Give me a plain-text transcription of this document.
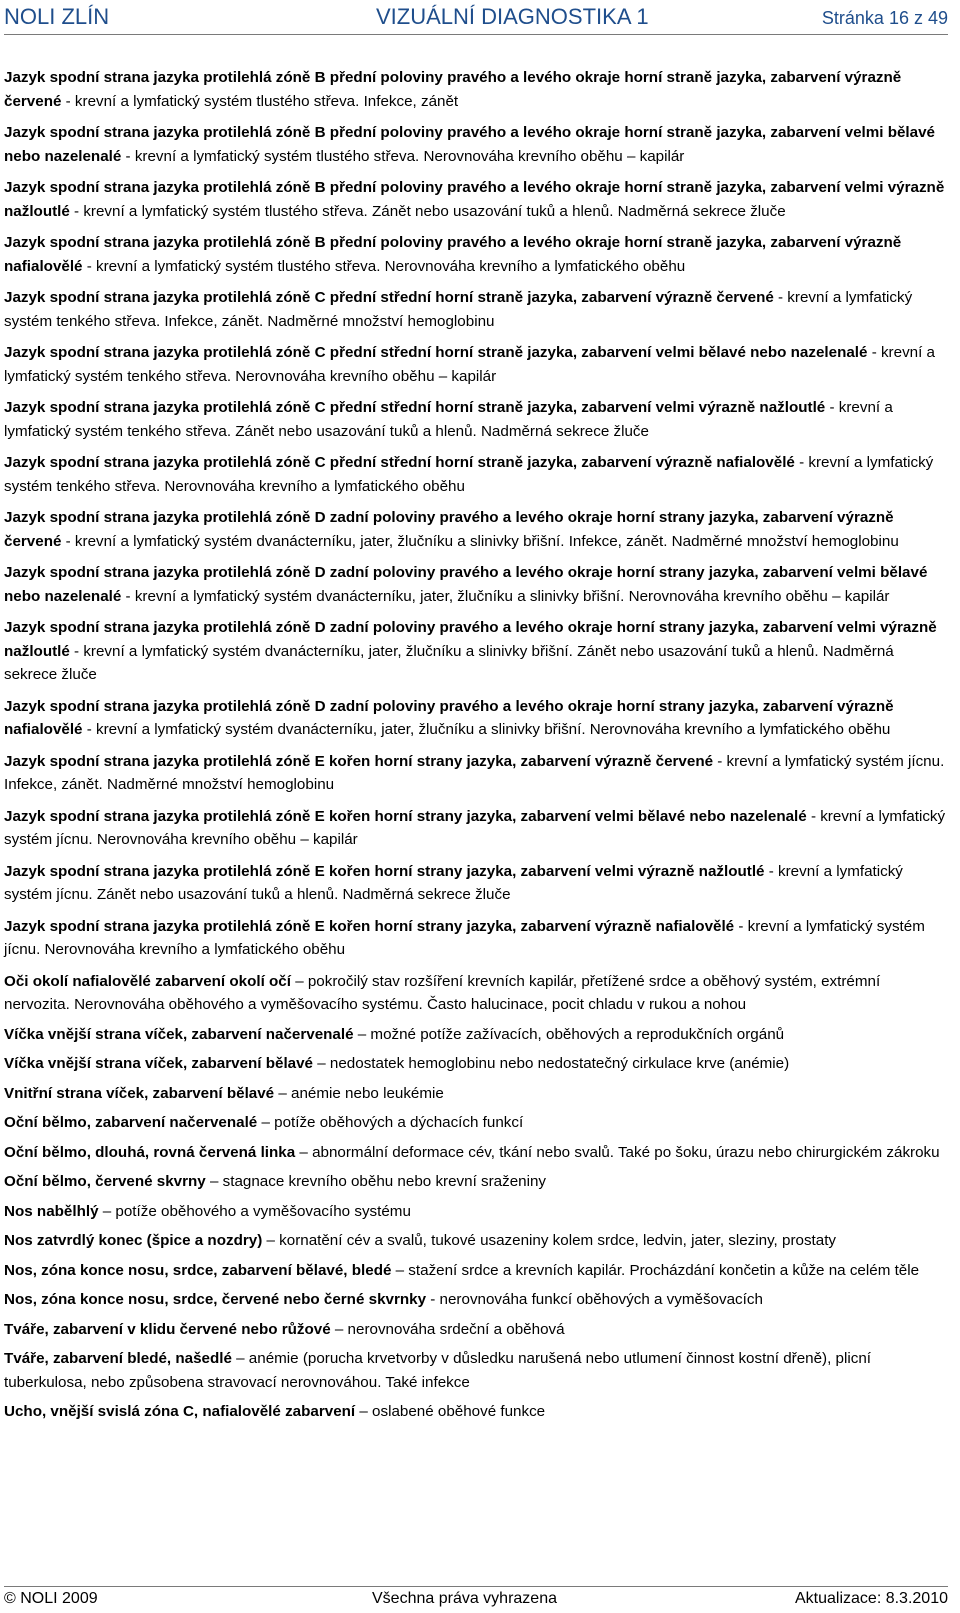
NOLI ZLÍN	VIZUÁLNÍ DIAGNOSTIKA 1	Stránka 16 z 49

Jazyk spodní strana jazyka protilehlá zóně B přední poloviny pravého a levého okraje horní straně jazyka, zabarvení výrazně červené - krevní a lymfatický systém tlustého střeva. Infekce, zánět

Jazyk spodní strana jazyka protilehlá zóně B přední poloviny pravého a levého okraje horní straně jazyka, zabarvení velmi bělavé nebo nazelenalé - krevní a lymfatický systém tlustého střeva. Nerovnováha krevního oběhu – kapilár

Jazyk spodní strana jazyka protilehlá zóně B přední poloviny pravého a levého okraje horní straně jazyka, zabarvení velmi výrazně nažloutlé - krevní a lymfatický systém tlustého střeva. Zánět nebo usazování tuků a hlenů. Nadměrná sekrece žluče

Jazyk spodní strana jazyka protilehlá zóně B přední poloviny pravého a levého okraje horní straně jazyka, zabarvení výrazně nafialovělé - krevní a lymfatický systém tlustého střeva. Nerovnováha krevního a lymfatického oběhu

Jazyk spodní strana jazyka protilehlá zóně C přední střední horní straně jazyka, zabarvení výrazně červené - krevní a lymfatický systém tenkého střeva. Infekce, zánět. Nadměrné množství hemoglobinu

Jazyk spodní strana jazyka protilehlá zóně C přední střední horní straně jazyka, zabarvení velmi bělavé nebo nazelenalé - krevní a lymfatický systém tenkého střeva. Nerovnováha krevního oběhu – kapilár

Jazyk spodní strana jazyka protilehlá zóně C přední střední horní straně jazyka, zabarvení velmi výrazně nažloutlé - krevní a lymfatický systém tenkého střeva. Zánět nebo usazování tuků a hlenů. Nadměrná sekrece žluče

Jazyk spodní strana jazyka protilehlá zóně C přední střední horní straně jazyka, zabarvení výrazně nafialovělé - krevní a lymfatický systém tenkého střeva. Nerovnováha krevního a lymfatického oběhu

Jazyk spodní strana jazyka protilehlá zóně D zadní poloviny pravého a levého okraje horní strany jazyka, zabarvení výrazně červené - krevní a lymfatický systém dvanácterníku, jater, žlučníku a slinivky břišní. Infekce, zánět. Nadměrné množství hemoglobinu

Jazyk spodní strana jazyka protilehlá zóně D zadní poloviny pravého a levého okraje horní strany jazyka, zabarvení velmi bělavé nebo nazelenalé - krevní a lymfatický systém dvanácterníku, jater, žlučníku a slinivky břišní. Nerovnováha krevního oběhu – kapilár

Jazyk spodní strana jazyka protilehlá zóně D zadní poloviny pravého a levého okraje horní strany jazyka, zabarvení velmi výrazně nažloutlé - krevní a lymfatický systém dvanácterníku, jater, žlučníku a slinivky břišní. Zánět nebo usazování tuků a hlenů. Nadměrná sekrece žluče

Jazyk spodní strana jazyka protilehlá zóně D zadní poloviny pravého a levého okraje horní strany jazyka, zabarvení výrazně nafialovělé - krevní a lymfatický systém dvanácterníku, jater, žlučníku a slinivky břišní. Nerovnováha krevního a lymfatického oběhu

Jazyk spodní strana jazyka protilehlá zóně E kořen horní strany jazyka, zabarvení výrazně červené - krevní a lymfatický systém jícnu. Infekce, zánět. Nadměrné množství hemoglobinu

Jazyk spodní strana jazyka protilehlá zóně E kořen horní strany jazyka, zabarvení velmi bělavé nebo nazelenalé - krevní a lymfatický systém jícnu. Nerovnováha krevního oběhu – kapilár

Jazyk spodní strana jazyka protilehlá zóně E kořen horní strany jazyka, zabarvení velmi výrazně nažloutlé - krevní a lymfatický systém jícnu. Zánět nebo usazování tuků a hlenů. Nadměrná sekrece žluče

Jazyk spodní strana jazyka protilehlá zóně E kořen horní strany jazyka, zabarvení výrazně nafialovělé - krevní a lymfatický systém jícnu. Nerovnováha krevního a lymfatického oběhu

Oči okolí nafialovělé zabarvení okolí očí – pokročilý stav rozšíření krevních kapilár, přetížené srdce a oběhový systém, extrémní nervozita. Nerovnováha oběhového a vyměšovacího systému. Často halucinace, pocit chladu v rukou a nohou

Víčka vnější strana víček, zabarvení načervenalé – možné potíže zažívacích, oběhových a reprodukčních orgánů

Víčka vnější strana víček, zabarvení bělavé – nedostatek hemoglobinu nebo nedostatečný cirkulace krve (anémie)

Vnitřní strana víček, zabarvení bělavé – anémie nebo leukémie

Oční bělmo, zabarvení načervenalé – potíže oběhových a dýchacích funkcí

Oční bělmo, dlouhá, rovná červená linka – abnormální deformace cév, tkání nebo svalů. Také po šoku, úrazu nebo chirurgickém zákroku

Oční bělmo, červené skvrny – stagnace krevního oběhu nebo krevní sraženiny

Nos nabělhlý – potíže oběhového a vyměšovacího systému

Nos zatvrdlý konec (špice a nozdry) – kornatění cév a svalů, tukové usazeniny kolem srdce, ledvin, jater, sleziny, prostaty

Nos, zóna konce nosu, srdce, zabarvení bělavé, bledé – stažení srdce a krevních kapilár. Procházdání končetin a kůže na celém těle

Nos, zóna konce nosu, srdce, červené nebo černé skvrnky - nerovnováha funkcí oběhových a vyměšovacích

Tváře, zabarvení v klidu červené nebo růžové – nerovnováha srdeční a oběhová

Tváře, zabarvení bledé, našedlé – anémie (porucha krvetvorby v důsledku narušená nebo utlumení činnost kostní dřeně), plicní tuberkulosa, nebo způsobena stravovací nerovnováhou. Také infekce

Ucho, vnější svislá zóna C, nafialovělé zabarvení – oslabené oběhové funkce

© NOLI 2009	Všechna práva vyhrazena	Aktualizace: 8.3.2010
